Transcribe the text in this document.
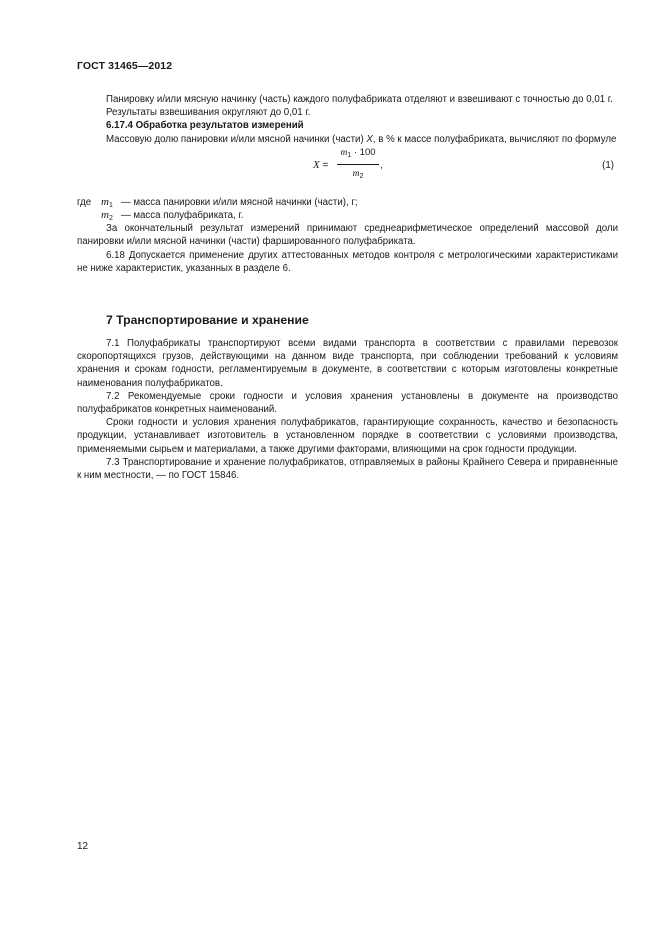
ГОСТ 31465—2012

Панировку и/или мясную начинку (часть) каждого полуфабриката отделяют и взвешивают с точностью до 0,01 г.

Результаты взвешивания округляют до 0,01 г.

6.17.4 Обработка результатов измерений

Массовую долю панировки и/или мясной начинки (части) X, в % к массе полуфабриката, вычисляют по формуле

X =
$m_1 \cdot 100$
$m_2$
,	(1)
где $m_1$ — масса панировки и/или мясной начинки (части), г;
$m_2$ — масса полуфабриката, г.

За окончательный результат измерений принимают среднеарифметическое определений массовой доли панировки и/или мясной начинки (части) фаршированного полуфабриката.

6.18 Допускается применение других аттестованных методов контроля с метрологическими характеристиками не ниже характеристик, указанных в разделе 6.

7 Транспортирование и хранение

7.1 Полуфабрикаты транспортируют всеми видами транспорта в соответствии с правилами перевозок скоропортящихся грузов, действующими на данном виде транспорта, при соблюдении требований к условиям хранения и срокам годности, регламентируемым в документе, в соответствии с которым изготовлены конкретные наименования полуфабрикатов.

7.2 Рекомендуемые сроки годности и условия хранения установлены в документе на производство полуфабрикатов конкретных наименований.

Сроки годности и условия хранения полуфабрикатов, гарантирующие сохранность, качество и безопасность продукции, устанавливает изготовитель в установленном порядке в соответствии с условиями производства, применяемыми сырьем и материалами, а также другими факторами, влияющими на срок годности продукции.

7.3 Транспортирование и хранение полуфабрикатов, отправляемых в районы Крайнего Севера и приравненные к ним местности, — по ГОСТ 15846.

12
